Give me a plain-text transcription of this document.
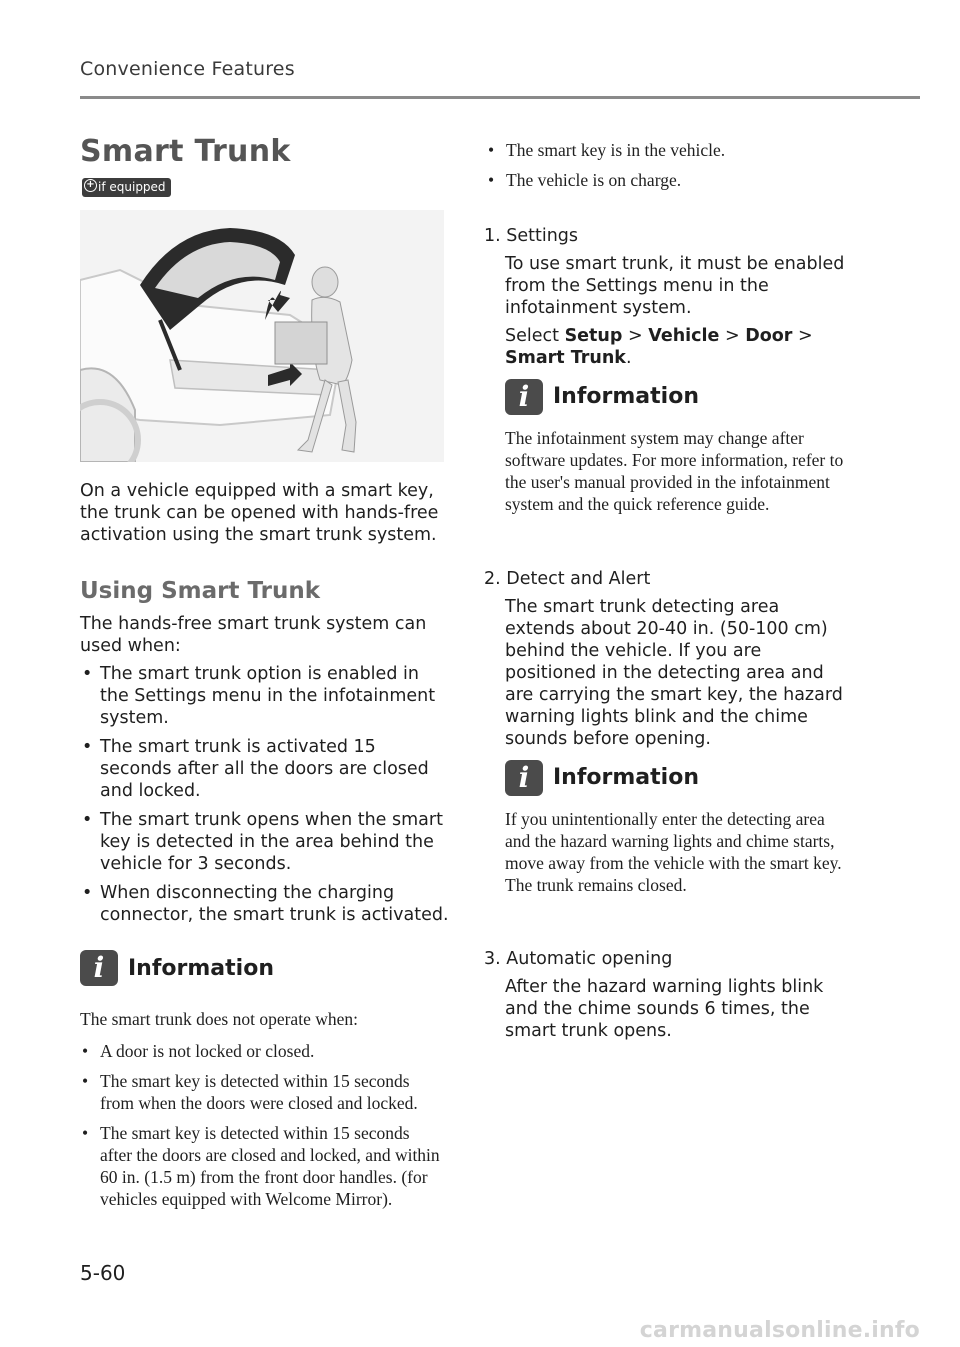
Convenience Features
Smart Trunk
+ if equipped

On a vehicle equipped with a smart key, the trunk can be opened with hands-free activation using the smart trunk system.

Using Smart Trunk

The hands-free smart trunk system can used when:

• The smart trunk option is enabled in the Settings menu in the infotainment system.
• The smart trunk is activated 15 seconds after all the doors are closed and locked.
• The smart trunk opens when the smart key is detected in the area behind the vehicle for 3 seconds.
• When disconnecting the charging connector, the smart trunk is activated.
i	Information

The smart trunk does not operate when:

• A door is not locked or closed.
• The smart key is detected within 15 seconds from when the doors were closed and locked.
• The smart key is detected within 15 seconds after the doors are closed and locked, and within 60 in. (1.5 m) from the front door handles. (for vehicles equipped with Welcome Mirror).
• The smart key is in the vehicle.
• The vehicle is on charge.
1. Settings

To use smart trunk, it must be enabled from the Settings menu in the infotainment system.

Select Setup > Vehicle > Door > Smart Trunk.

i	Information

The infotainment system may change after software updates. For more information, refer to the user's manual provided in the infotainment system and the quick reference guide.

2. Detect and Alert

The smart trunk detecting area extends about 20-40 in. (50-100 cm) behind the vehicle. If you are positioned in the detecting area and are carrying the smart key, the hazard warning lights blink and the chime sounds before opening.

i	Information

If you unintentionally enter the detecting area and the hazard warning lights and chime starts, move away from the vehicle with the smart key. The trunk remains closed.

3. Automatic opening

After the hazard warning lights blink and the chime sounds 6 times, the smart trunk opens.

5-60
carmanualsonline.info
